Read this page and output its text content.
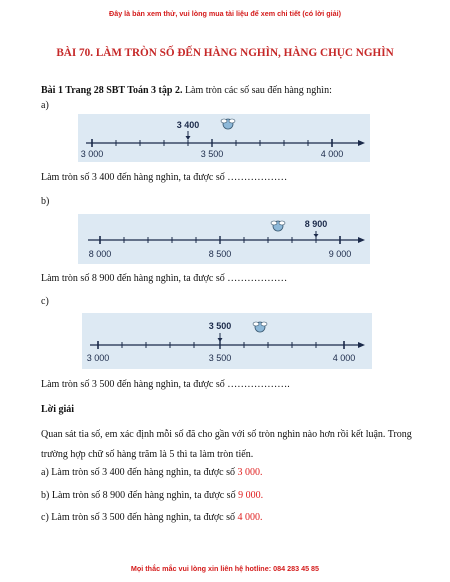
Đây là bản xem thử, vui lòng mua tài liệu để xem chi tiết (có lời giải)
BÀI 70. LÀM TRÒN SỐ ĐẾN HÀNG NGHÌN, HÀNG CHỤC NGHÌN
Bài 1 Trang 28 SBT Toán 3 tập 2. Làm tròn các số sau đến hàng nghìn:
a)
3 400
3 000	3 500	4 000
Làm tròn số 3 400 đến hàng nghìn, ta được số ………………
b)
8 900
8 000	8 500	9 000
Làm tròn số 8 900 đến hàng nghìn, ta được số ………………
c)
3 500
3 000	3 500	4 000
Làm tròn số 3 500 đến hàng nghìn, ta được số ……………….
Lời giải
Quan sát tia số, em xác định mỗi số đã cho gần với số tròn nghìn nào hơn rồi kết luận. Trong trường hợp chữ số hàng trăm là 5 thì ta làm tròn tiến.
a) Làm tròn số 3 400 đến hàng nghìn, ta được số 3 000.
b) Làm tròn số 8 900 đến hàng nghìn, ta được số 9 000.
c) Làm tròn số 3 500 đến hàng nghìn, ta được số 4 000.
Mọi thắc mắc vui lòng xin liên hệ hotline: 084 283 45 85
